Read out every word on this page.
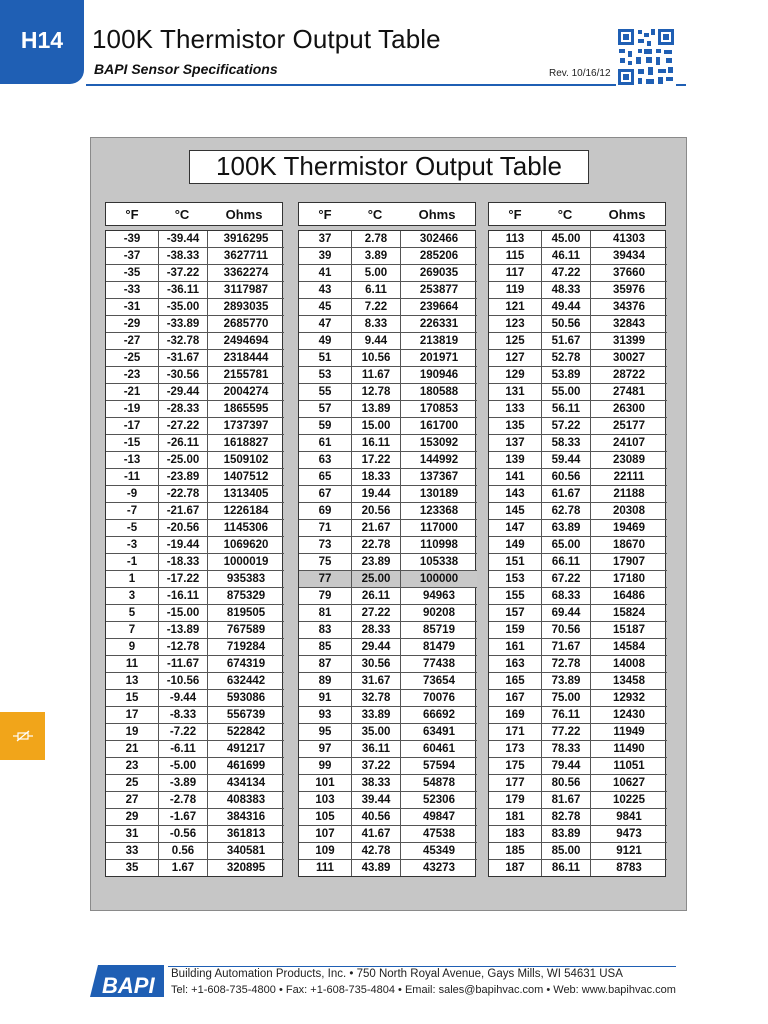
H14 100K Thermistor Output Table
BAPI Sensor Specifications	Rev. 10/16/12
100K Thermistor Output Table
°F	°C	Ohms
-39	-39.44	3916295
-37	-38.33	3627711
-35	-37.22	3362274
-33	-36.11	3117987
-31	-35.00	2893035
-29	-33.89	2685770
-27	-32.78	2494694
-25	-31.67	2318444
-23	-30.56	2155781
-21	-29.44	2004274
-19	-28.33	1865595
-17	-27.22	1737397
-15	-26.11	1618827
-13	-25.00	1509102
-11	-23.89	1407512
-9	-22.78	1313405
-7	-21.67	1226184
-5	-20.56	1145306
-3	-19.44	1069620
-1	-18.33	1000019
1	-17.22	935383
3	-16.11	875329
5	-15.00	819505
7	-13.89	767589
9	-12.78	719284
11	-11.67	674319
13	-10.56	632442
15	-9.44	593086
17	-8.33	556739
19	-7.22	522842
21	-6.11	491217
23	-5.00	461699
25	-3.89	434134
27	-2.78	408383
29	-1.67	384316
31	-0.56	361813
33	0.56	340581
35	1.67	320895
°F	°C	Ohms
37	2.78	302466
39	3.89	285206
41	5.00	269035
43	6.11	253877
45	7.22	239664
47	8.33	226331
49	9.44	213819
51	10.56	201971
53	11.67	190946
55	12.78	180588
57	13.89	170853
59	15.00	161700
61	16.11	153092
63	17.22	144992
65	18.33	137367
67	19.44	130189
69	20.56	123368
71	21.67	117000
73	22.78	110998
75	23.89	105338
77	25.00	100000
79	26.11	94963
81	27.22	90208
83	28.33	85719
85	29.44	81479
87	30.56	77438
89	31.67	73654
91	32.78	70076
93	33.89	66692
95	35.00	63491
97	36.11	60461
99	37.22	57594
101	38.33	54878
103	39.44	52306
105	40.56	49847
107	41.67	47538
109	42.78	45349
111	43.89	43273
°F	°C	Ohms
113	45.00	41303
115	46.11	39434
117	47.22	37660
119	48.33	35976
121	49.44	34376
123	50.56	32843
125	51.67	31399
127	52.78	30027
129	53.89	28722
131	55.00	27481
133	56.11	26300
135	57.22	25177
137	58.33	24107
139	59.44	23089
141	60.56	22111
143	61.67	21188
145	62.78	20308
147	63.89	19469
149	65.00	18670
151	66.11	17907
153	67.22	17180
155	68.33	16486
157	69.44	15824
159	70.56	15187
161	71.67	14584
163	72.78	14008
165	73.89	13458
167	75.00	12932
169	76.11	12430
171	77.22	11949
173	78.33	11490
175	79.44	11051
177	80.56	10627
179	81.67	10225
181	82.78	9841
183	83.89	9473
185	85.00	9121
187	86.11	8783
BAPI Building Automation Products, Inc. • 750 North Royal Avenue, Gays Mills, WI 54631 USA
Tel: +1-608-735-4800 • Fax: +1-608-735-4804 • Email: sales@bapihvac.com • Web: www.bapihvac.com
